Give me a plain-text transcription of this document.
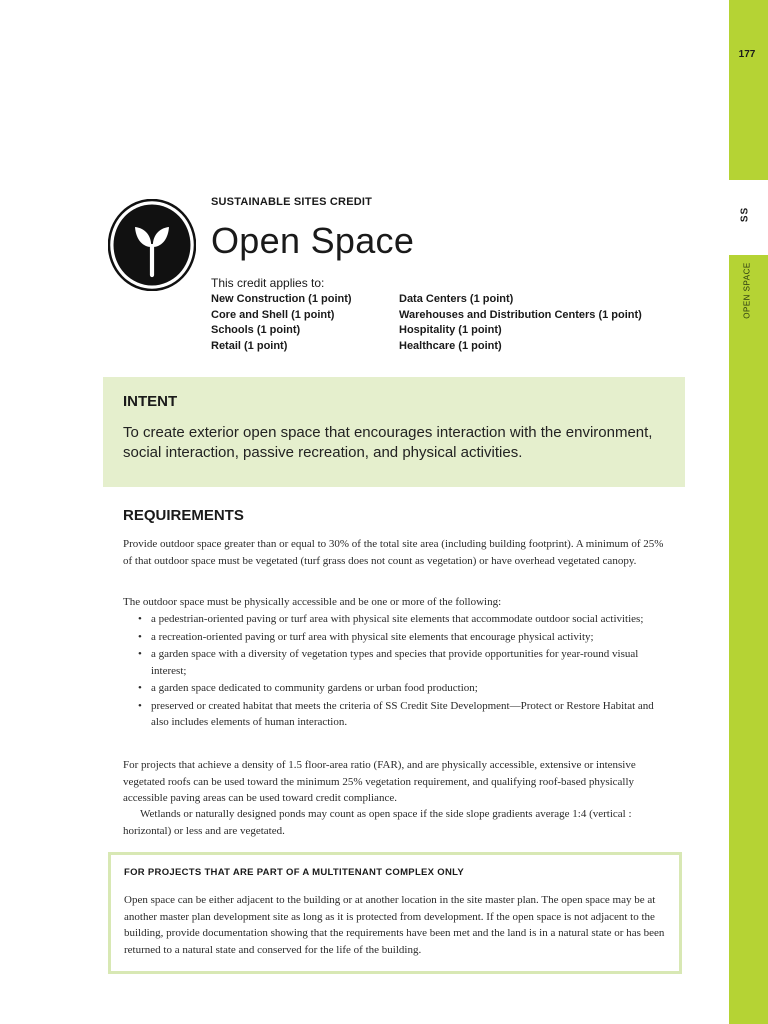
177
SS
OPEN SPACE
SUSTAINABLE SITES CREDIT
Open Space
This credit applies to:
New Construction (1 point)
Core and Shell (1 point)
Schools (1 point)
Retail (1 point)
Data Centers (1 point)
Warehouses and Distribution Centers (1 point)
Hospitality (1 point)
Healthcare (1 point)
INTENT

To create exterior open space that encourages interaction with the environment, social interaction, passive recreation, and physical activities.

REQUIREMENTS
Provide outdoor space greater than or equal to 30% of the total site area (including building footprint). A minimum of 25% of that outdoor space must be vegetated (turf grass does not count as vegetation) or have overhead vegetated canopy.
The outdoor space must be physically accessible and be one or more of the following:
• a pedestrian-oriented paving or turf area with physical site elements that accommodate outdoor social activities;
• a recreation-oriented paving or turf area with physical site elements that encourage physical activity;
• a garden space with a diversity of vegetation types and species that provide opportunities for year-round visual interest;
• a garden space dedicated to community gardens or urban food production;
• preserved or created habitat that meets the criteria of SS Credit Site Development—Protect or Restore Habitat and also includes elements of human interaction.
For projects that achieve a density of 1.5 floor-area ratio (FAR), and are physically accessible, extensive or intensive vegetated roofs can be used toward the minimum 25% vegetation requirement, and qualifying roof-based physically accessible paving areas can be used toward credit compliance.
Wetlands or naturally designed ponds may count as open space if the side slope gradients average 1:4 (vertical : horizontal) or less and are vegetated.
FOR PROJECTS THAT ARE PART OF A MULTITENANT COMPLEX ONLY

Open space can be either adjacent to the building or at another location in the site master plan. The open space may be at another master plan development site as long as it is protected from development. If the open space is not adjacent to the building, provide documentation showing that the requirements have been met and the land is in a natural state or has been returned to a natural state and conserved for the life of the building.
